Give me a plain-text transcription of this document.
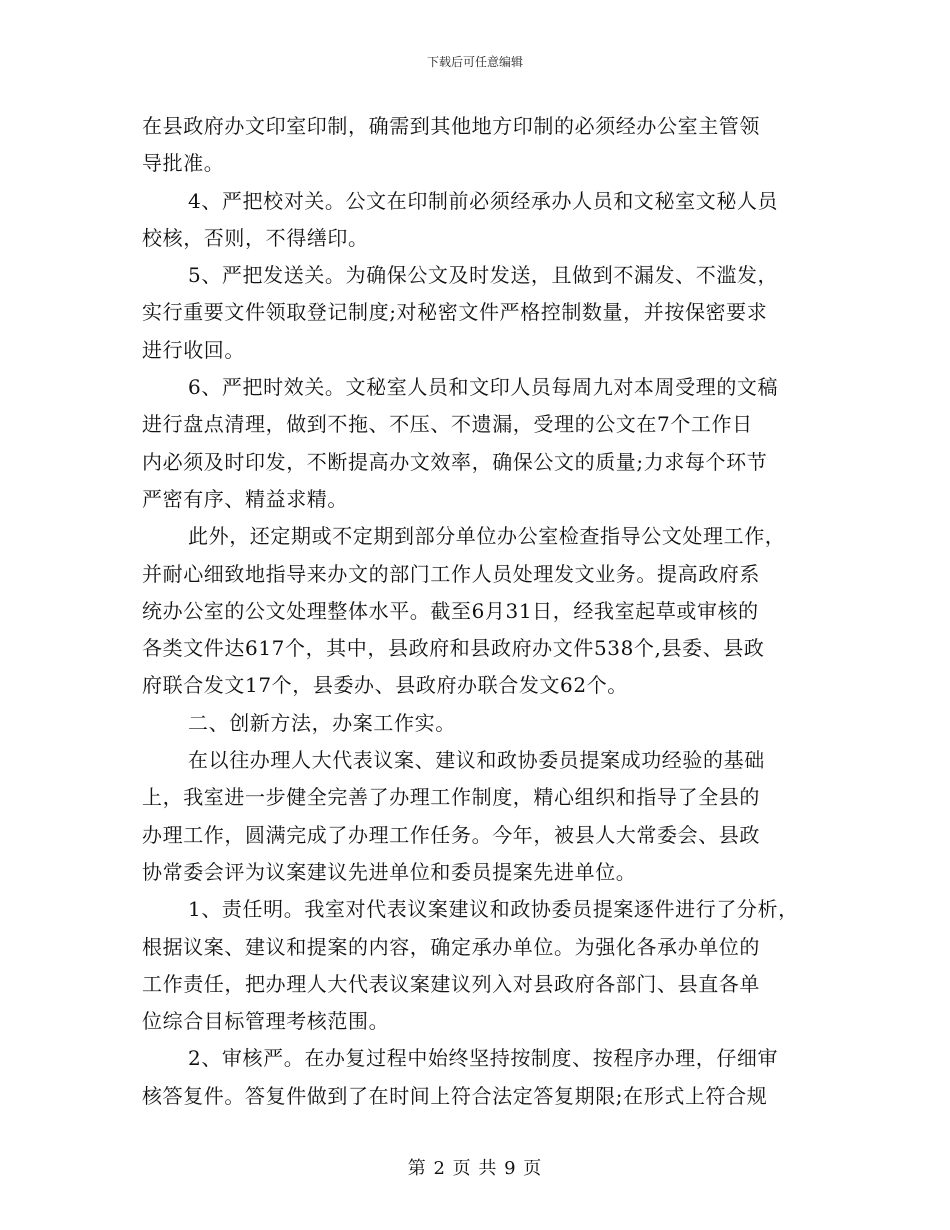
下载后可任意编辑
在县政府办文印室印制，确需到其他地方印制的必须经办公室主管领
导批准。
4、严把校对关。公文在印制前必须经承办人员和文秘室文秘人员
校核，否则，不得缮印。
5、严把发送关。为确保公文及时发送，且做到不漏发、不滥发，
实行重要文件领取登记制度;对秘密文件严格控制数量，并按保密要求
进行收回。
6、严把时效关。文秘室人员和文印人员每周九对本周受理的文稿
进行盘点清理，做到不拖、不压、不遗漏，受理的公文在7个工作日
内必须及时印发，不断提高办文效率，确保公文的质量;力求每个环节
严密有序、精益求精。
此外，还定期或不定期到部分单位办公室检查指导公文处理工作，
并耐心细致地指导来办文的部门工作人员处理发文业务。提高政府系
统办公室的公文处理整体水平。截至6月31日，经我室起草或审核的
各类文件达617个，其中，县政府和县政府办文件538个,县委、县政
府联合发文17个，县委办、县政府办联合发文62个。
二、创新方法，办案工作实。
在以往办理人大代表议案、建议和政协委员提案成功经验的基础
上，我室进一步健全完善了办理工作制度，精心组织和指导了全县的
办理工作，圆满完成了办理工作任务。今年，被县人大常委会、县政
协常委会评为议案建议先进单位和委员提案先进单位。
1、责任明。我室对代表议案建议和政协委员提案逐件进行了分析，
根据议案、建议和提案的内容，确定承办单位。为强化各承办单位的
工作责任，把办理人大代表议案建议列入对县政府各部门、县直各单
位综合目标管理考核范围。
2、审核严。在办复过程中始终坚持按制度、按程序办理，仔细审
核答复件。答复件做到了在时间上符合法定答复期限;在形式上符合规
第 2 页 共 9 页
